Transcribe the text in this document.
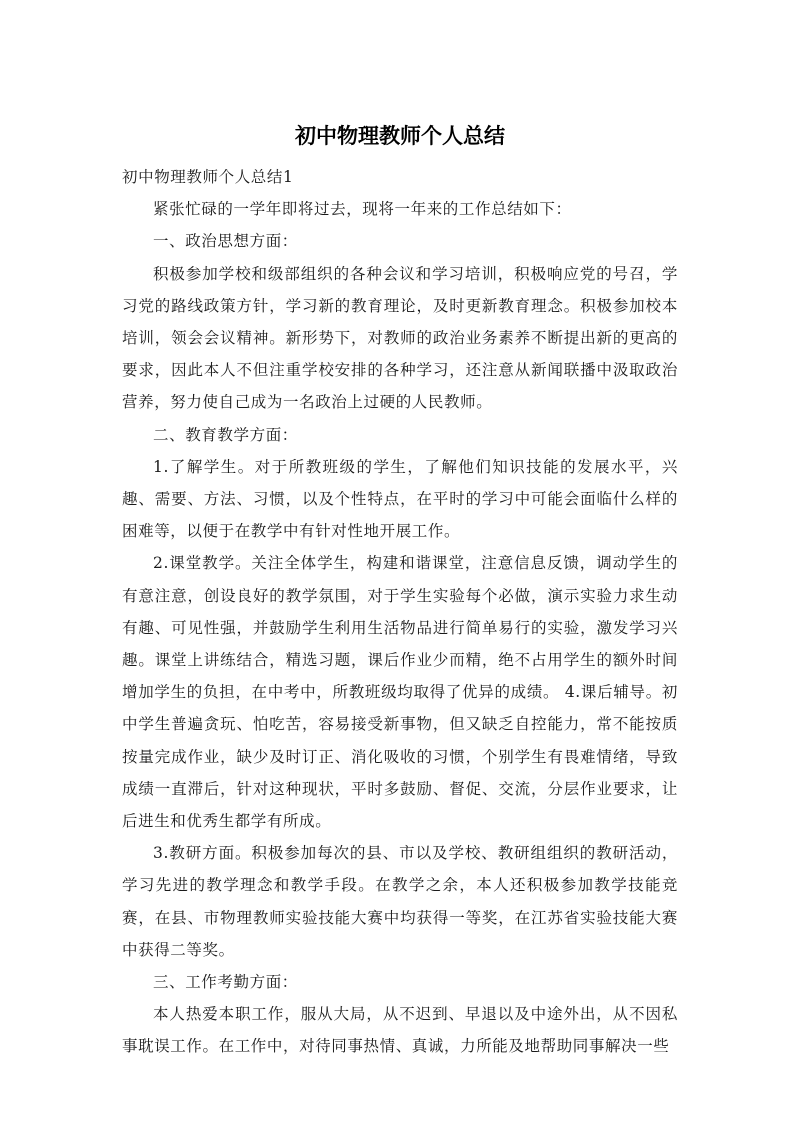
初中物理教师个人总结

初中物理教师个人总结1

紧张忙碌的一学年即将过去，现将一年来的工作总结如下：

一、政治思想方面：

积极参加学校和级部组织的各种会议和学习培训，积极响应党的号召，学习党的路线政策方针，学习新的教育理论，及时更新教育理念。积极参加校本培训，领会会议精神。新形势下，对教师的政治业务素养不断提出新的更高的要求，因此本人不但注重学校安排的各种学习，还注意从新闻联播中汲取政治营养，努力使自己成为一名政治上过硬的人民教师。

二、教育教学方面：

1.了解学生。对于所教班级的学生，了解他们知识技能的发展水平，兴趣、需要、方法、习惯，以及个性特点，在平时的学习中可能会面临什么样的困难等，以便于在教学中有针对性地开展工作。

2.课堂教学。关注全体学生，构建和谐课堂，注意信息反馈，调动学生的有意注意，创设良好的教学氛围，对于学生实验每个必做，演示实验力求生动有趣、可见性强，并鼓励学生利用生活物品进行简单易行的实验，激发学习兴趣。课堂上讲练结合，精选习题，课后作业少而精，绝不占用学生的额外时间增加学生的负担，在中考中，所教班级均取得了优异的成绩。 4.课后辅导。初中学生普遍贪玩、怕吃苦，容易接受新事物，但又缺乏自控能力，常不能按质按量完成作业，缺少及时订正、消化吸收的习惯，个别学生有畏难情绪，导致成绩一直滞后，针对这种现状，平时多鼓励、督促、交流，分层作业要求，让后进生和优秀生都学有所成。

3.教研方面。积极参加每次的县、市以及学校、教研组组织的教研活动，学习先进的教学理念和教学手段。在教学之余，本人还积极参加教学技能竞赛，在县、市物理教师实验技能大赛中均获得一等奖，在江苏省实验技能大赛中获得二等奖。

三、工作考勤方面：

本人热爱本职工作，服从大局，从不迟到、早退以及中途外出，从不因私事耽误工作。在工作中，对待同事热情、真诚，力所能及地帮助同事解决一些
